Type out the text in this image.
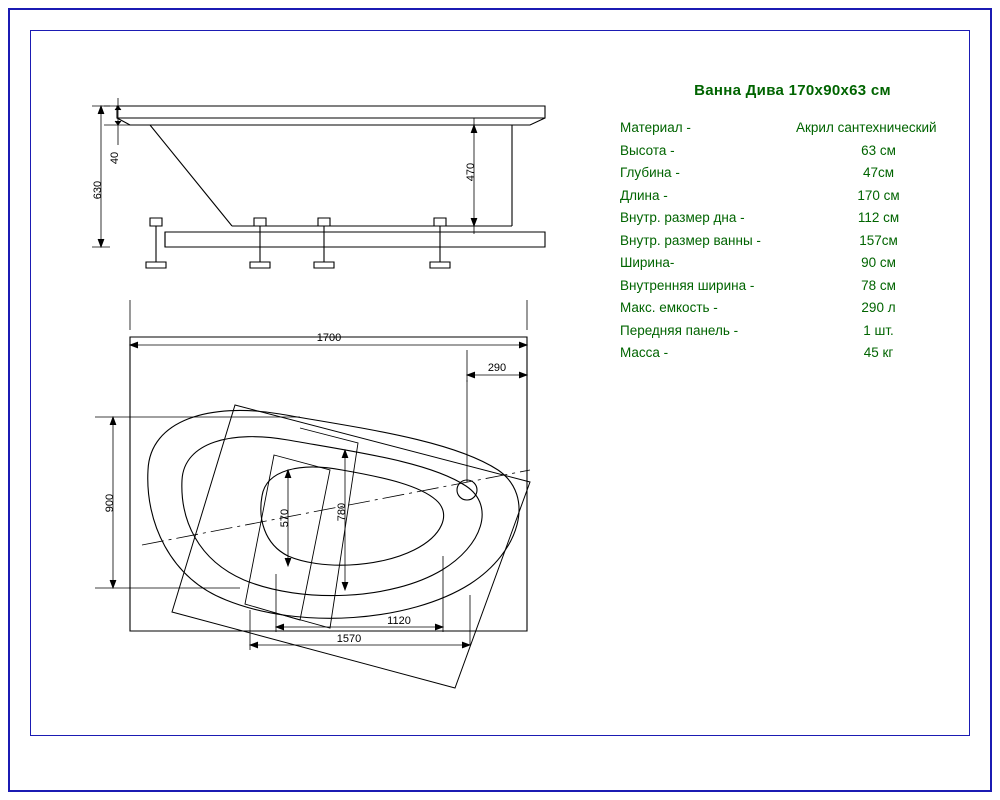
40
630
470
1700
290
900
570	780
1120
1570
Ванна Дива 170x90x63 см
Материал -	Акрил сантехнический
Высота -	63 см
Глубина -	47см
Длина -	170 см
Внутр. размер дна -	112 см
Внутр. размер ванны -	157см
Ширина-	90 см
Внутренняя ширина -	78 см
Макс. емкость -	290 л
Передняя панель -	1 шт.
Масса -	45 кг
